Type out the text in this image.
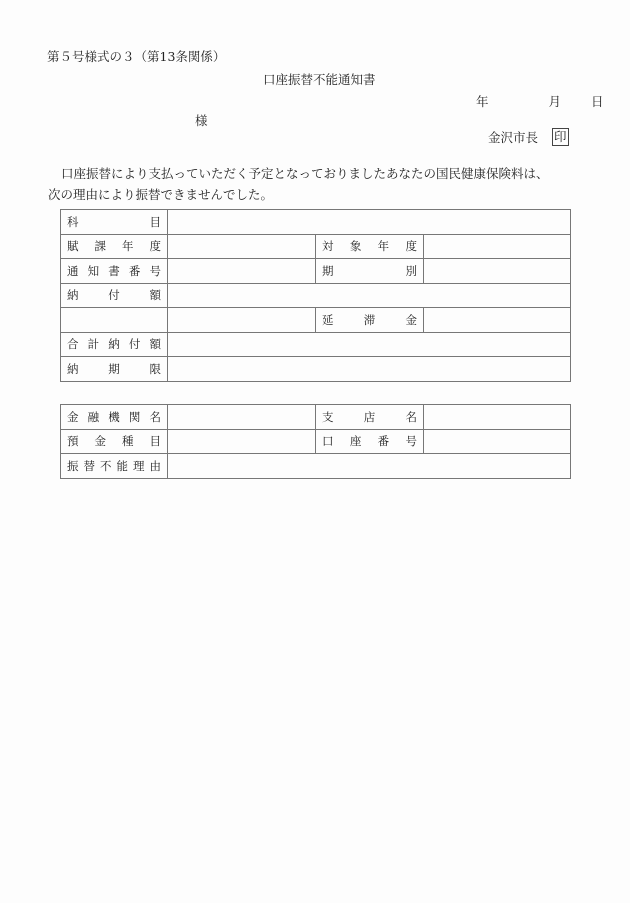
第５号様式の３（第13条関係）
口座振替不能通知書
年	月 日
様
金沢市長 印
口座振替により支払っていただく予定となっておりましたあなたの国民健康保険料は、
次の理由により振替できませんでした。
科　目			
賦課年度		対象年度	
通知書番号		期　別	
納付額			
		延滞金	
合計納付額			
納期限			
金融機関名		支店名	
預金種目		口座番号	
振替不能理由			
